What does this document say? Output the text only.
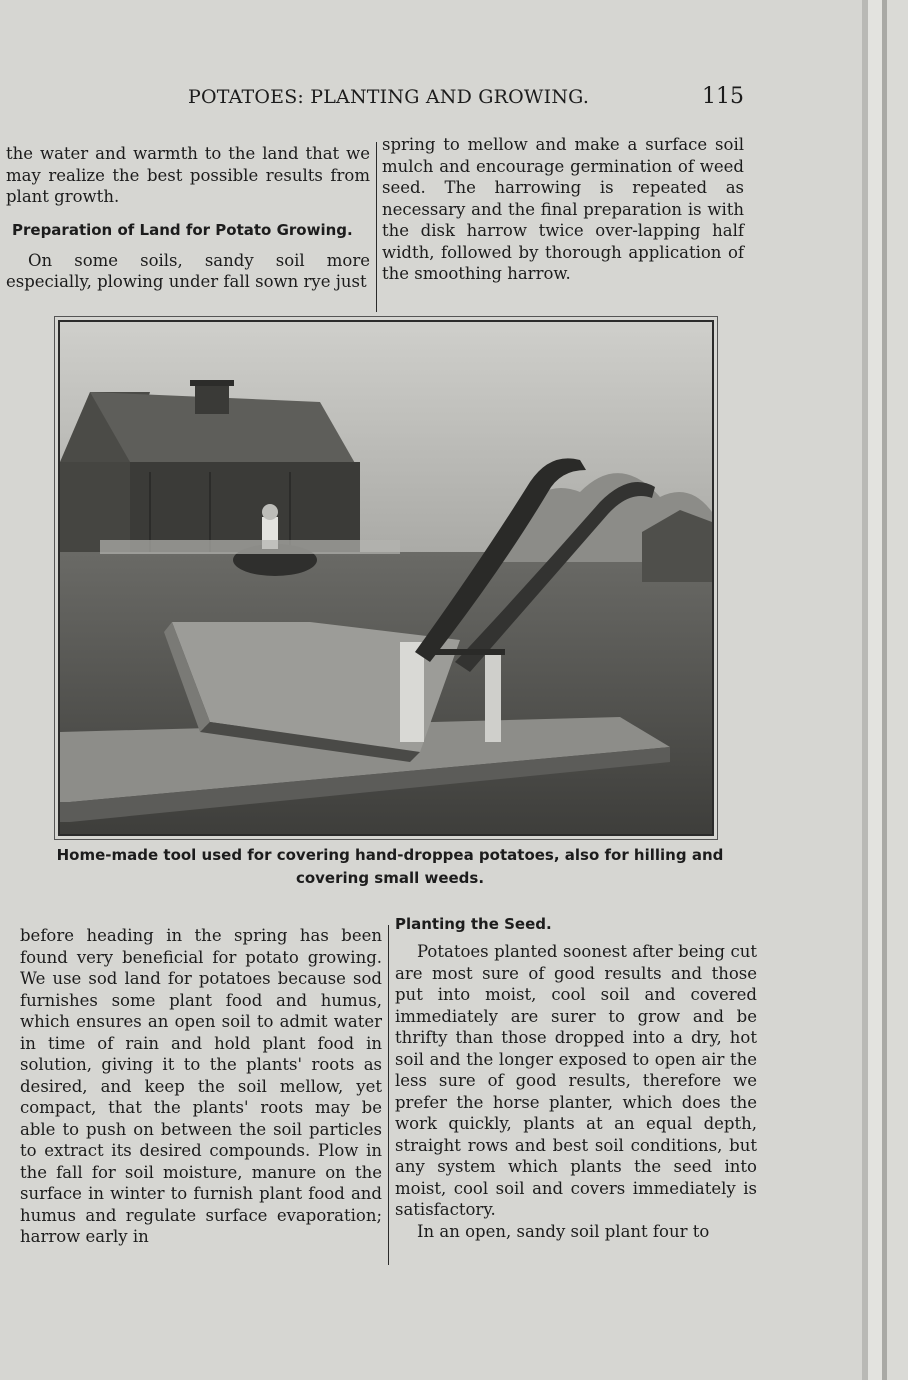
POTATOES: PLANTING AND GROWING.	115

the water and warmth to the land that we may realize the best possible results from plant growth.

Preparation of Land for Potato Growing.

On some soils, sandy soil more especially, plowing under fall sown rye just

spring to mellow and make a surface soil mulch and encourage germination of weed seed. The harrowing is repeated as necessary and the final preparation is with the disk harrow twice over-lapping half width, followed by thorough application of the smoothing harrow.

Home-made tool used for covering hand-droppea potatoes, also for hilling and covering small weeds.

before heading in the spring has been found very beneficial for potato growing. We use sod land for potatoes because sod furnishes some plant food and humus, which ensures an open soil to admit water in time of rain and hold plant food in solution, giving it to the plants' roots as desired, and keep the soil mellow, yet compact, that the plants' roots may be able to push on between the soil particles to extract its desired compounds. Plow in the fall for soil moisture, manure on the surface in winter to furnish plant food and humus and regulate surface evaporation; harrow early in

Planting the Seed.

Potatoes planted soonest after being cut are most sure of good results and those put into moist, cool soil and covered immediately are surer to grow and be thrifty than those dropped into a dry, hot soil and the longer exposed to open air the less sure of good results, therefore we prefer the horse planter, which does the work quickly, plants at an equal depth, straight rows and best soil conditions, but any system which plants the seed into moist, cool soil and covers immediately is satisfactory.

In an open, sandy soil plant four to
